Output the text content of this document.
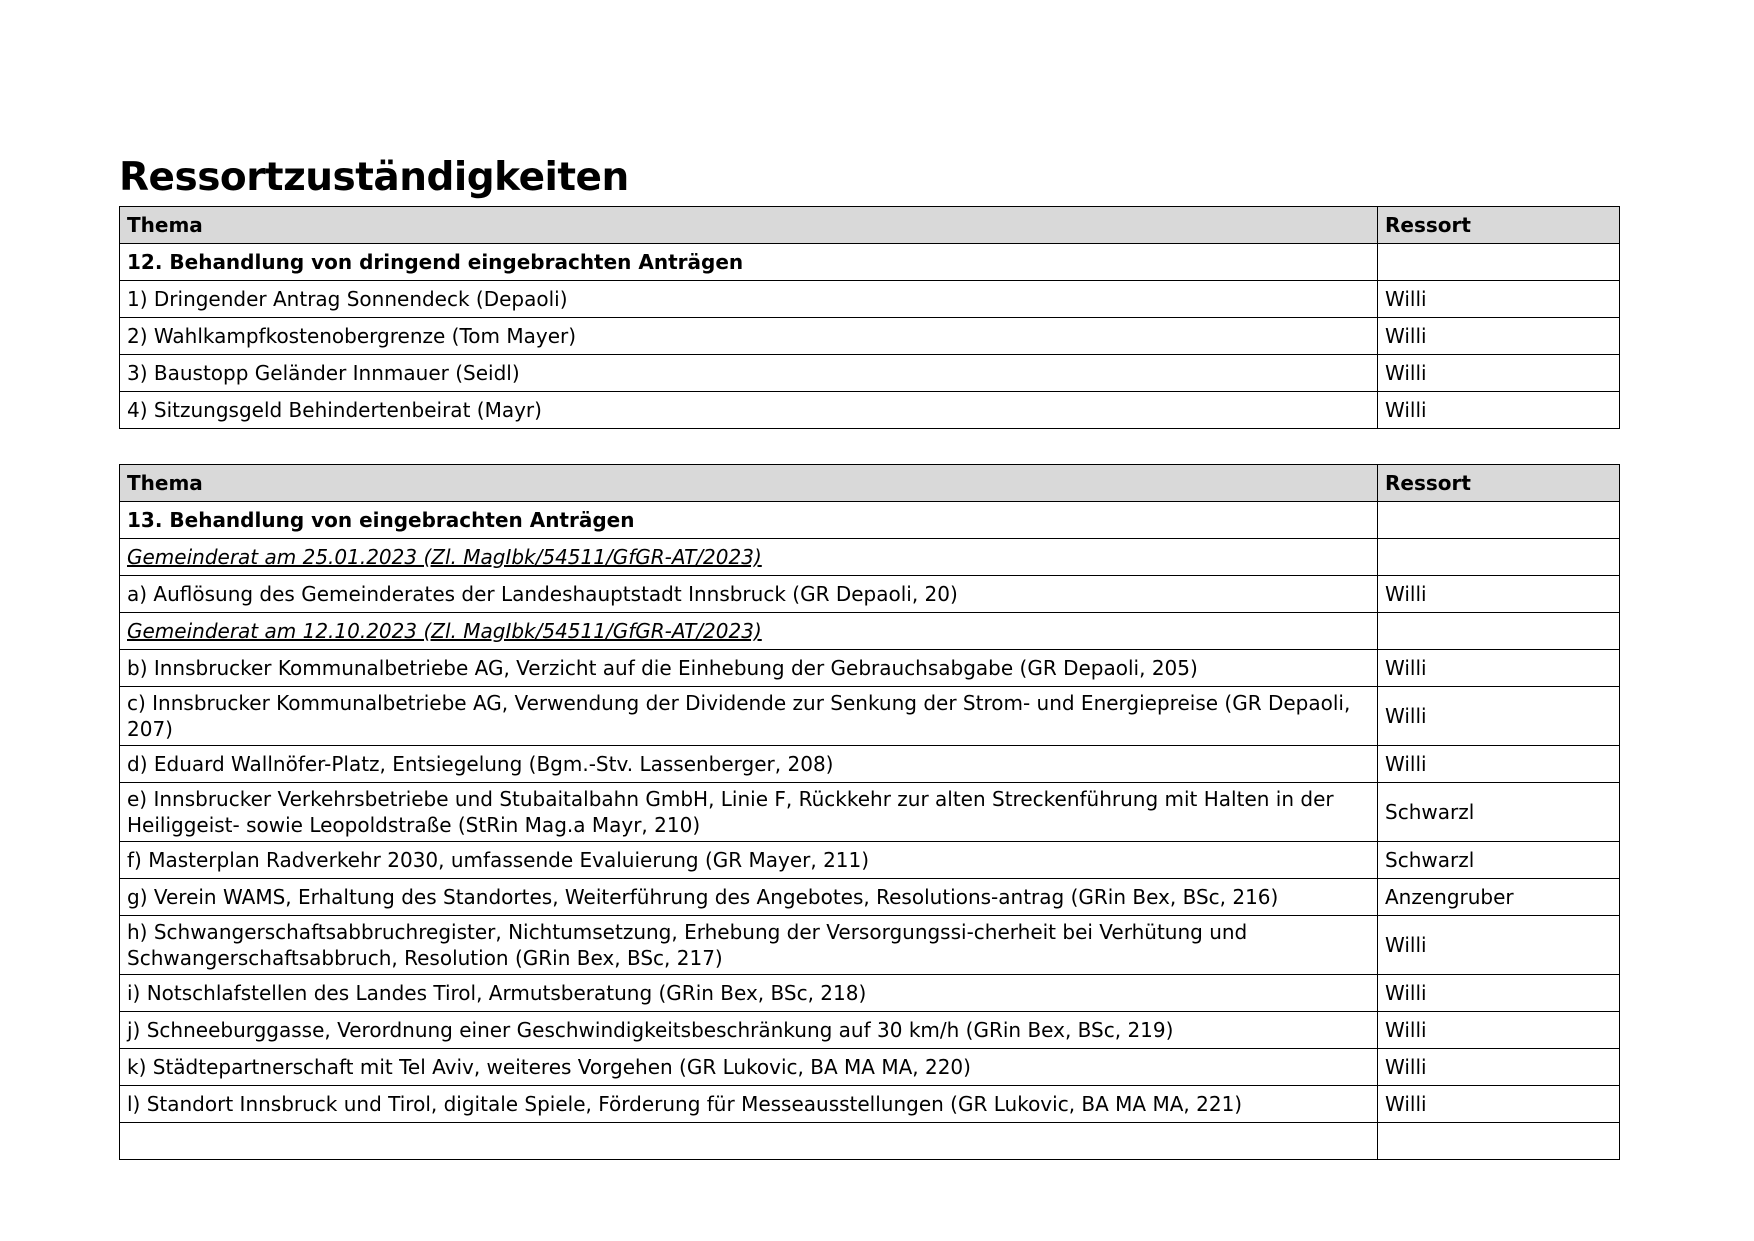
Ressortzuständigkeiten
Thema	Ressort
12. Behandlung von dringend eingebrachten Anträgen	
1) Dringender Antrag Sonnendeck (Depaoli)	Willi
2) Wahlkampfkostenobergrenze (Tom Mayer)	Willi
3) Baustopp Geländer Innmauer (Seidl)	Willi
4) Sitzungsgeld Behindertenbeirat (Mayr)	Willi
Thema	Ressort
13. Behandlung von eingebrachten Anträgen	
Gemeinderat am 25.01.2023 (Zl. MagIbk/54511/GfGR-AT/2023)	
a) Auflösung des Gemeinderates der Landeshauptstadt Innsbruck (GR Depaoli, 20)	Willi
Gemeinderat am 12.10.2023 (Zl. MagIbk/54511/GfGR-AT/2023)	
b) Innsbrucker Kommunalbetriebe AG, Verzicht auf die Einhebung der Gebrauchsabgabe (GR Depaoli, 205)	Willi
c) Innsbrucker Kommunalbetriebe AG, Verwendung der Dividende zur Senkung der Strom- und Energiepreise (GR Depaoli, 207)	Willi
d) Eduard Wallnöfer-Platz, Entsiegelung (Bgm.-Stv. Lassenberger, 208)	Willi
e) Innsbrucker Verkehrsbetriebe und Stubaitalbahn GmbH, Linie F, Rückkehr zur alten Streckenführung mit Halten in der Heiliggeist- sowie Leopoldstraße (StRin Mag.a Mayr, 210)	Schwarzl
f) Masterplan Radverkehr 2030, umfassende Evaluierung (GR Mayer, 211)	Schwarzl
g) Verein WAMS, Erhaltung des Standortes, Weiterführung des Angebotes, Resolutions-antrag (GRin Bex, BSc, 216)	Anzengruber
h) Schwangerschaftsabbruchregister, Nichtumsetzung, Erhebung der Versorgungssi-cherheit bei Verhütung und Schwangerschaftsabbruch, Resolution (GRin Bex, BSc, 217)	Willi
i) Notschlafstellen des Landes Tirol, Armutsberatung (GRin Bex, BSc, 218)	Willi
j) Schneeburggasse, Verordnung einer Geschwindigkeitsbeschränkung auf 30 km/h (GRin Bex, BSc, 219)	Willi
k) Städtepartnerschaft mit Tel Aviv, weiteres Vorgehen (GR Lukovic, BA MA MA, 220)	Willi
l) Standort Innsbruck und Tirol, digitale Spiele, Förderung für Messeausstellungen (GR Lukovic, BA MA MA, 221)	Willi
